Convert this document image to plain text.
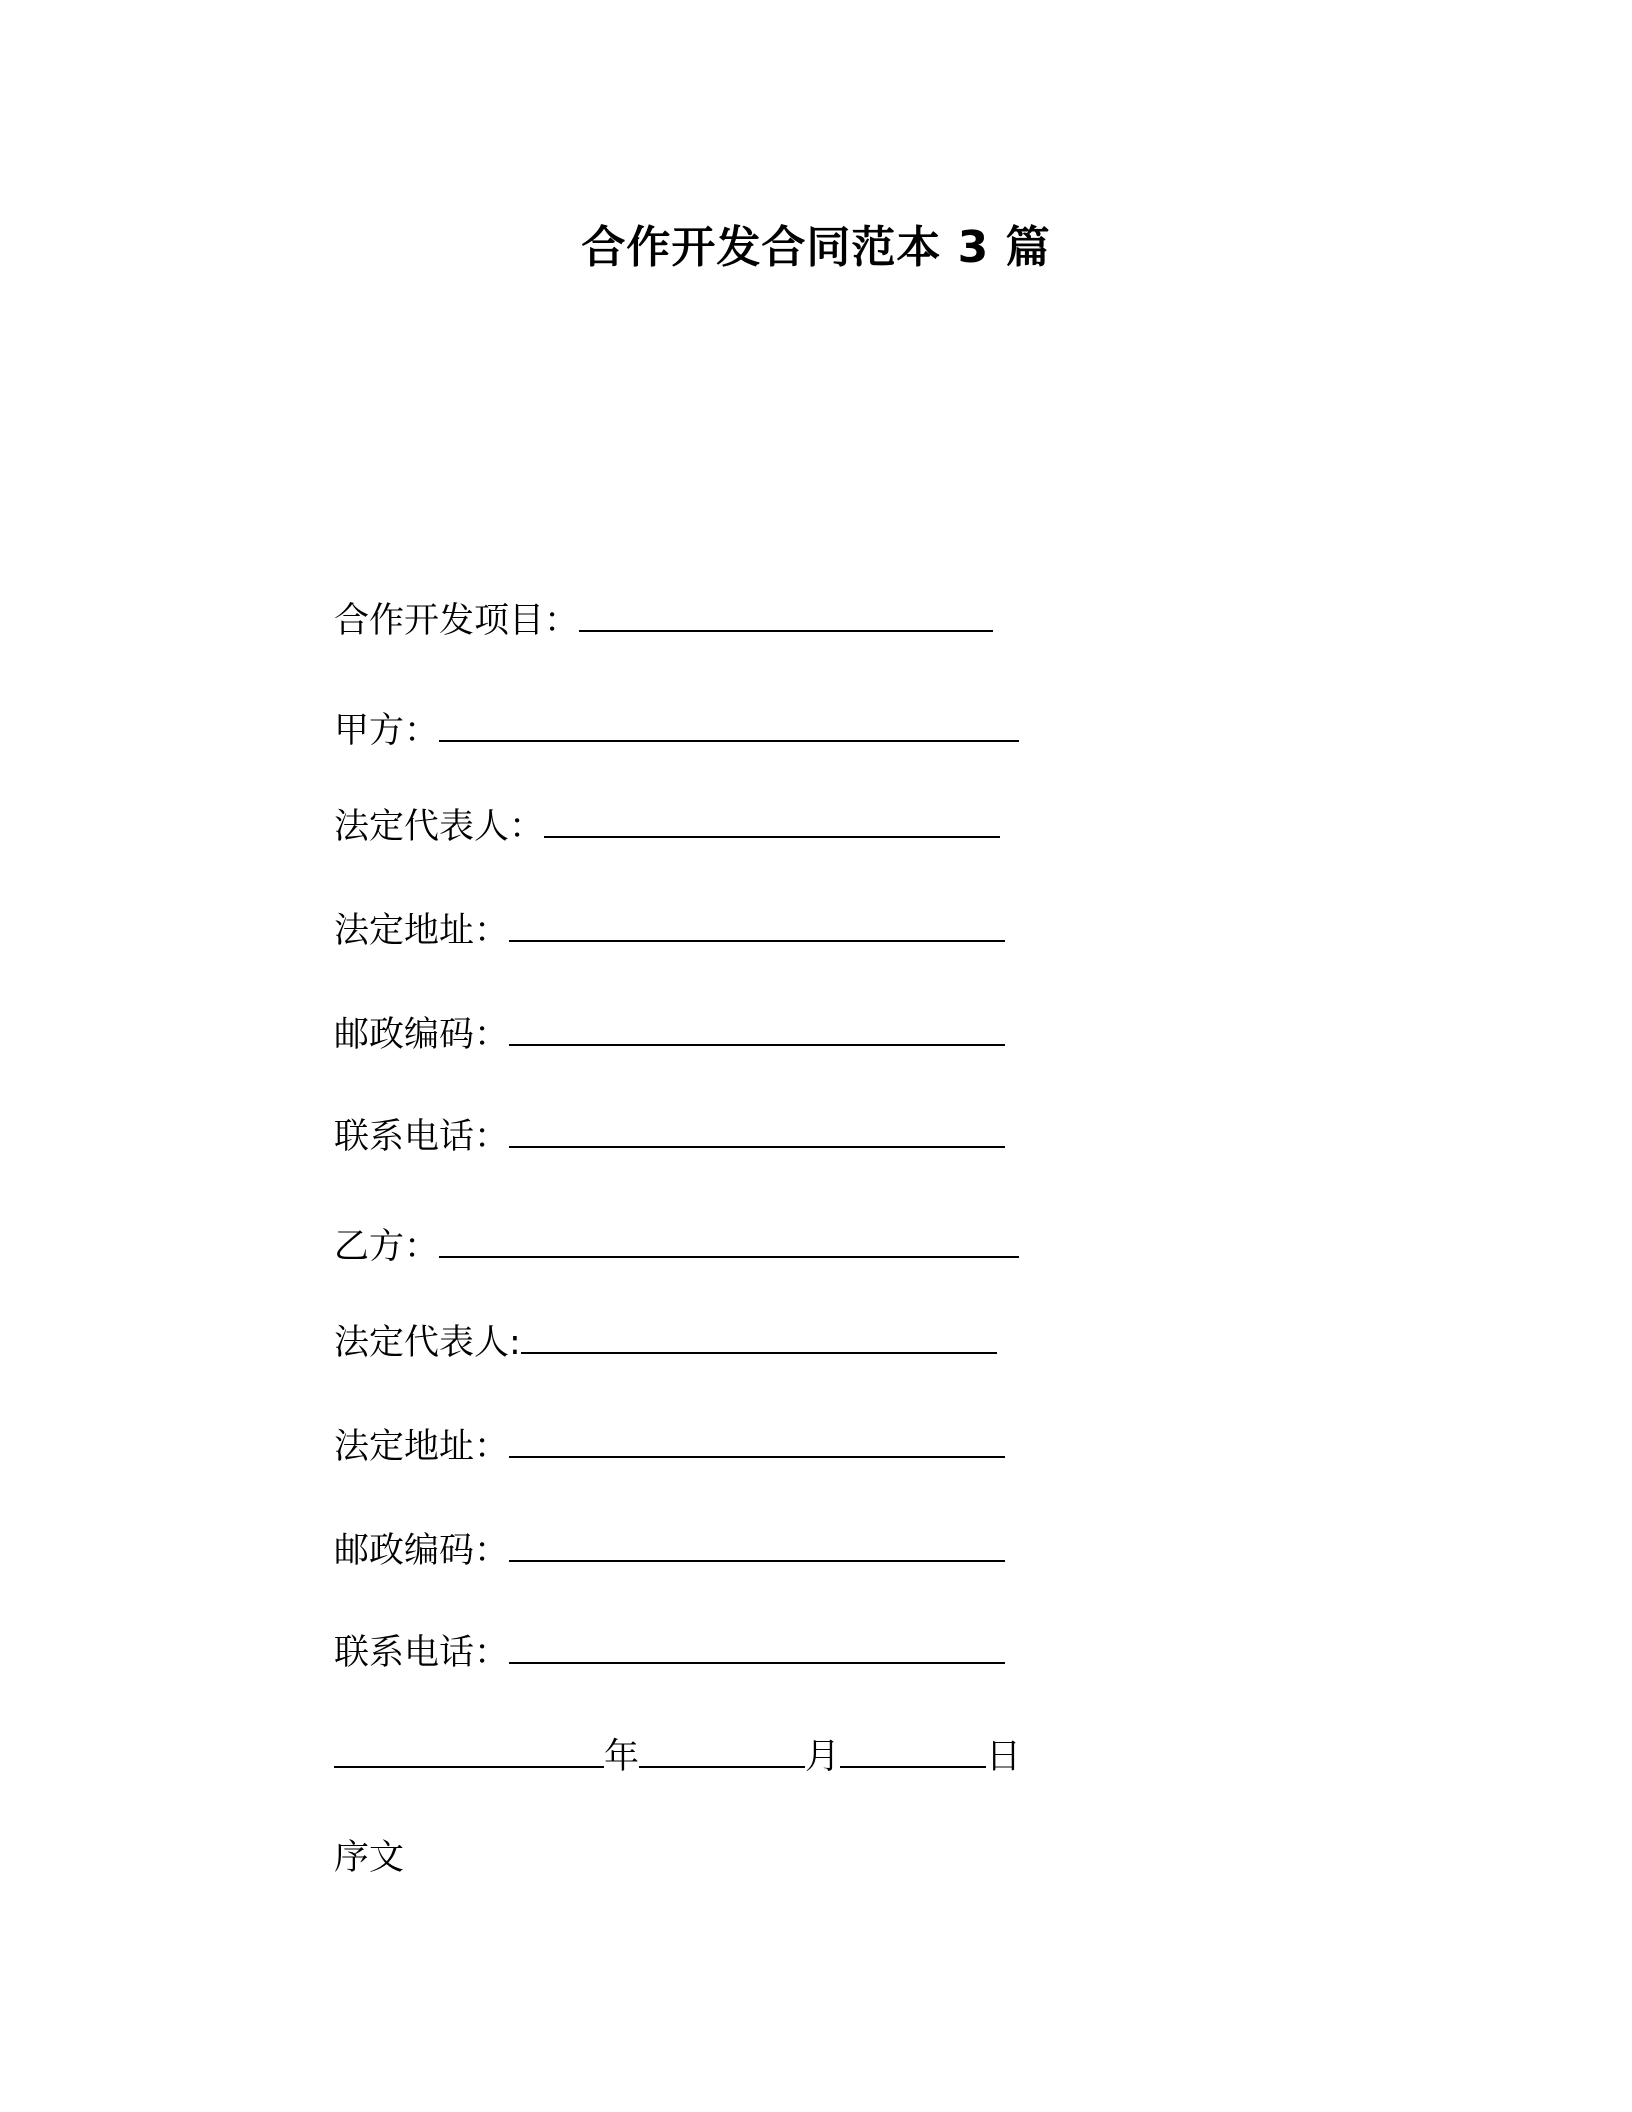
合作开发合同范本 3 篇
合作开发项目：
甲方：
法定代表人：
法定地址：
邮政编码：
联系电话：
乙方：
法定代表人:
法定地址：
邮政编码：
联系电话：
年	月	日
序文
